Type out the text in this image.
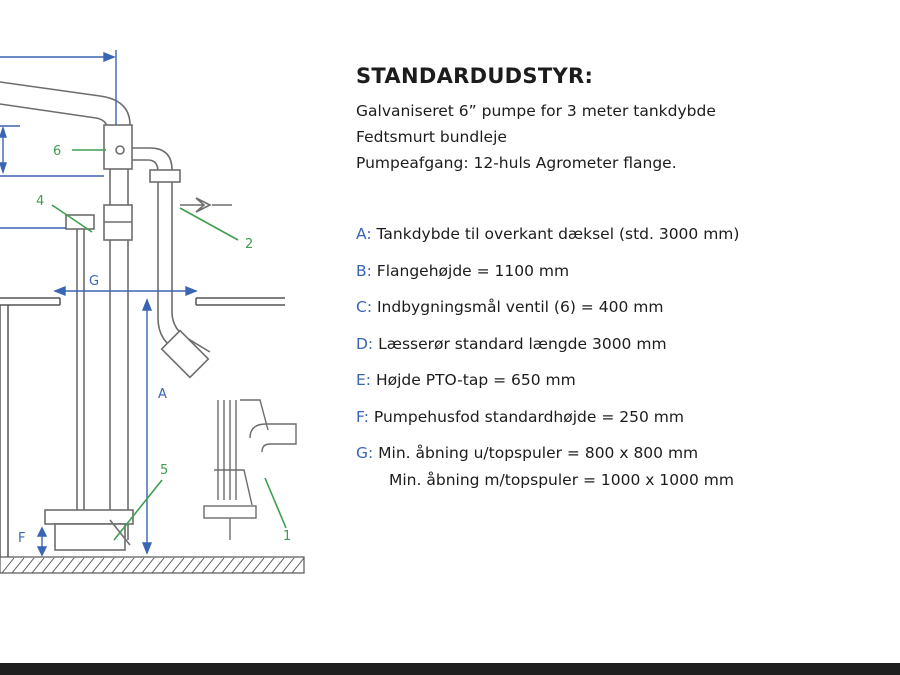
G
A
F
6
4
2
5
1
STANDARDUDSTYR:

Galvaniseret 6” pumpe for 3 meter tankdybde

Fedtsmurt bundleje

Pumpeafgang: 12-huls Agrometer flange.

A: Tankdybde til overkant dæksel (std. 3000 mm)

B: Flangehøjde = 1100 mm

C: Indbygningsmål ventil (6) = 400 mm

D: Læsserør standard længde 3000 mm

E: Højde PTO-tap = 650 mm

F: Pumpehusfod standardhøjde = 250 mm

G: Min. åbning u/topspuler = 800 x 800 mm
Min. åbning m/topspuler = 1000 x 1000 mm
